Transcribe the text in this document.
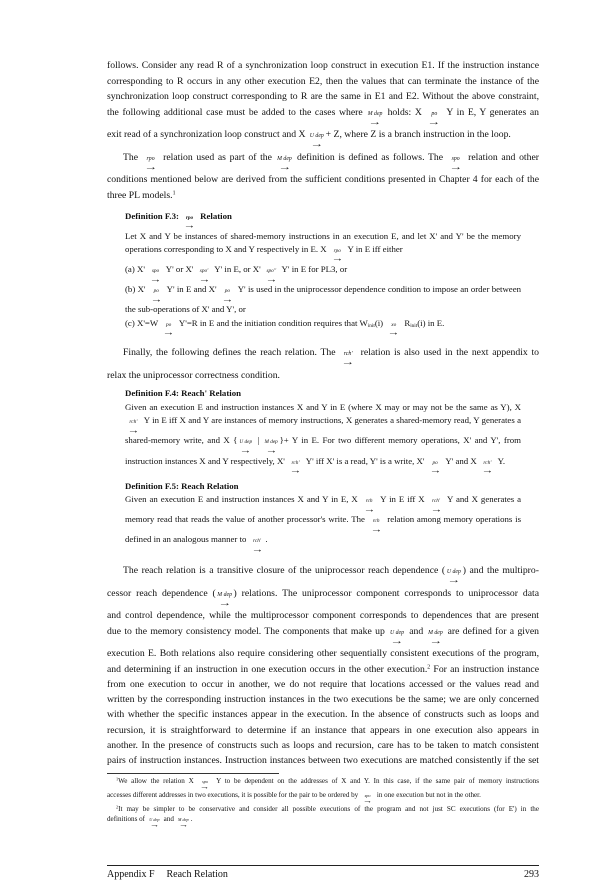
follows. Consider any read R of a synchronization loop construct in execution E1. If the instruction instance
corresponding to R occurs in any other execution E2, then the values that can terminate the instance of the
synchronization loop construct corresponding to R are the same in E1 and E2. Without the above constraint,
the following additional case must be added to the cases where M dep
→
holds: X po
→
Y in E, Y generates an
exit read of a synchronization loop construct and X U dep
→
+ Z, where Z is a branch instruction in the loop.
The rpo
→
relation used as part of the M dep
→
definition is defined as follows. The spo
→
relation and other
conditions mentioned below are derived from the sufficient conditions presented in Chapter 4 for each of the
three PL models.$^1$
Definition F.3: rpo
→
Relation
Let X and Y be instances of shared-memory instructions in an execution E, and let X' and Y' be the memory
operations corresponding to X and Y respectively in E. X rpo
→
Y in E iff either
(a) X' spo
→
Y' or X' spo'
→
Y' in E, or X' spo''
→
Y' in E for PL3, or
(b) X' po
→
Y' in E and X' po
→
Y' is used in the uniprocessor dependence condition to impose an order between
the sub-operations of X' and Y', or
(c) X'=W po
→
Y'=R in E and the initiation condition requires that $W_{init}(i)$ xo
→
$R_{init}(i)$ in E.
Finally, the following defines the reach relation. The rch'
→
relation is also used in the next appendix to
relax the uniprocessor correctness condition.
Definition F.4: Reach' Relation
Given an execution E and instruction instances X and Y in E (where X may or may not be the same as Y), X
rch'
→
Y in E iff X and Y are instances of memory instructions, X generates a shared-memory read, Y generates a
shared-memory write, and X { U dep
→
| M dep
→
}+ Y in E. For two different memory operations, X' and Y', from
instruction instances X and Y respectively, X' rch'
→
Y' iff X' is a read, Y' is a write, X' po
→
Y' and X rch'
→
Y.
Definition F.5: Reach Relation
Given an execution E and instruction instances X and Y in E, X rch
→
Y in E iff X rch'
→
Y and X generates a
memory read that reads the value of another processor's write. The rch
→
relation among memory operations is
defined in an analogous manner to rch'
→
.
The reach relation is a transitive closure of the uniprocessor reach dependence ( U dep
→
) and the multipro-
cessor reach dependence ( M dep
→
) relations. The uniprocessor component corresponds to uniprocessor data
and control dependence, while the multiprocessor component corresponds to dependences that are present
due to the memory consistency model. The components that make up U dep
→
and M dep
→
are defined for a given
execution E. Both relations also require considering other sequentially consistent executions of the program,
and determining if an instruction in one execution occurs in the other execution.$^2$ For an instruction instance
from one execution to occur in another, we do not require that locations accessed or the values read and
written by the corresponding instruction instances in the two executions be the same; we are only concerned
with whether the specific instances appear in the execution. In the absence of constructs such as loops and
recursion, it is straightforward to determine if an instance that appears in one execution also appears in
another. In the presence of constructs such as loops and recursion, care has to be taken to match consistent
pairs of instruction instances. Instruction instances between two executions are matched consistently if the set
$^1$We allow the relation X spo
→
Y to be dependent on the addresses of X and Y. In this case, if the same pair of memory instructions
accesses different addresses in two executions, it is possible for the pair to be ordered by spo
→
in one execution but not in the other.
$^2$It may be simpler to be conservative and consider all possible executions of the program and not just SC executions (for E') in the
definitions of U dep
→
and M dep
→
.
Appendix F Reach Relation	293
